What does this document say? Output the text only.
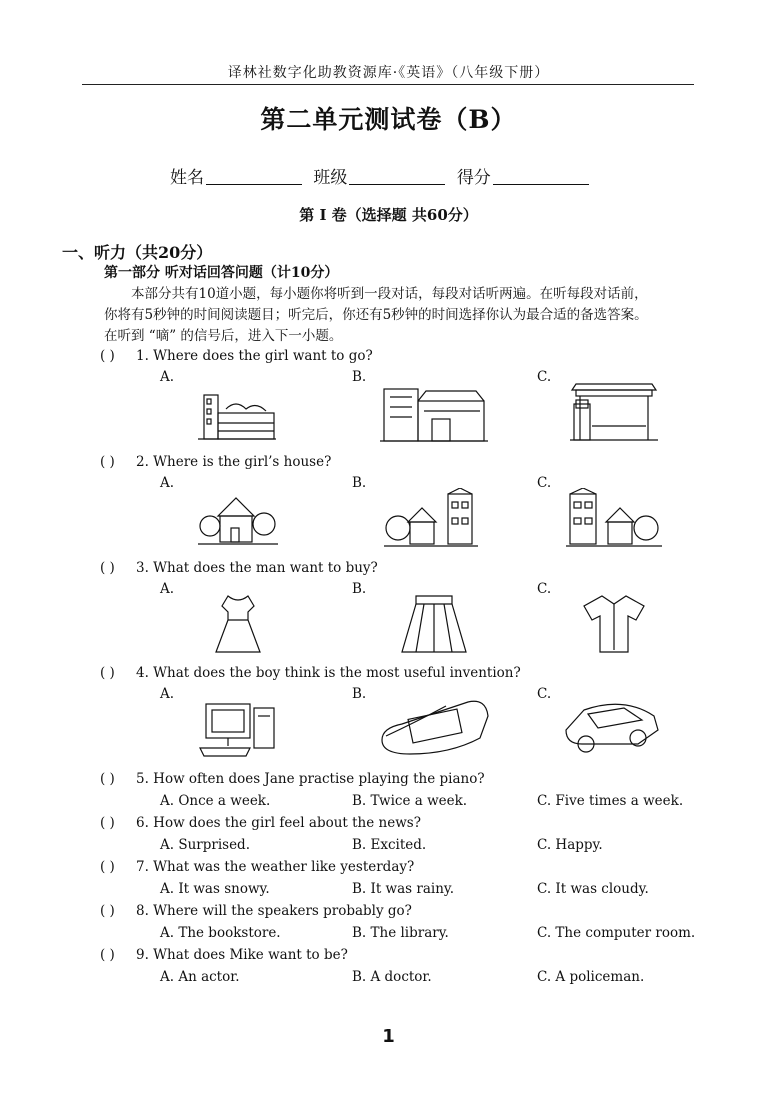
译林社数字化助教资源库·《英语》（八年级下册）
第二单元测试卷（B）
姓名	班级	得分
第 I 卷（选择题 共60分）
一、听力（共20分）
第一部分 听对话回答问题（计10分）

本部分共有10道小题，每小题你将听到一段对话，每段对话听两遍。在听每段对话前，

你将有5秒钟的时间阅读题目；听完后，你还有5秒钟的时间选择你认为最合适的备选答案。

在听到 “嘀” 的信号后，进入下一小题。

( ) 1. Where does the girl want to go?
A.	B.	C.
( ) 2. Where is the girl’s house?
A.	B.	C.
( ) 3. What does the man want to buy?
A.	B.	C.
( ) 4. What does the boy think is the most useful invention?
A.	B.	C.
( ) 5. How often does Jane practise playing the piano?
A. Once a week.	B. Twice a week.	C. Five times a week.
( ) 6. How does the girl feel about the news?
A. Surprised.	B. Excited.	C. Happy.
( ) 7. What was the weather like yesterday?
A. It was snowy.	B. It was rainy.	C. It was cloudy.
( ) 8. Where will the speakers probably go?
A. The bookstore.	B. The library.	C. The computer room.
( ) 9. What does Mike want to be?
A. An actor.	B. A doctor.	C. A policeman.
1
